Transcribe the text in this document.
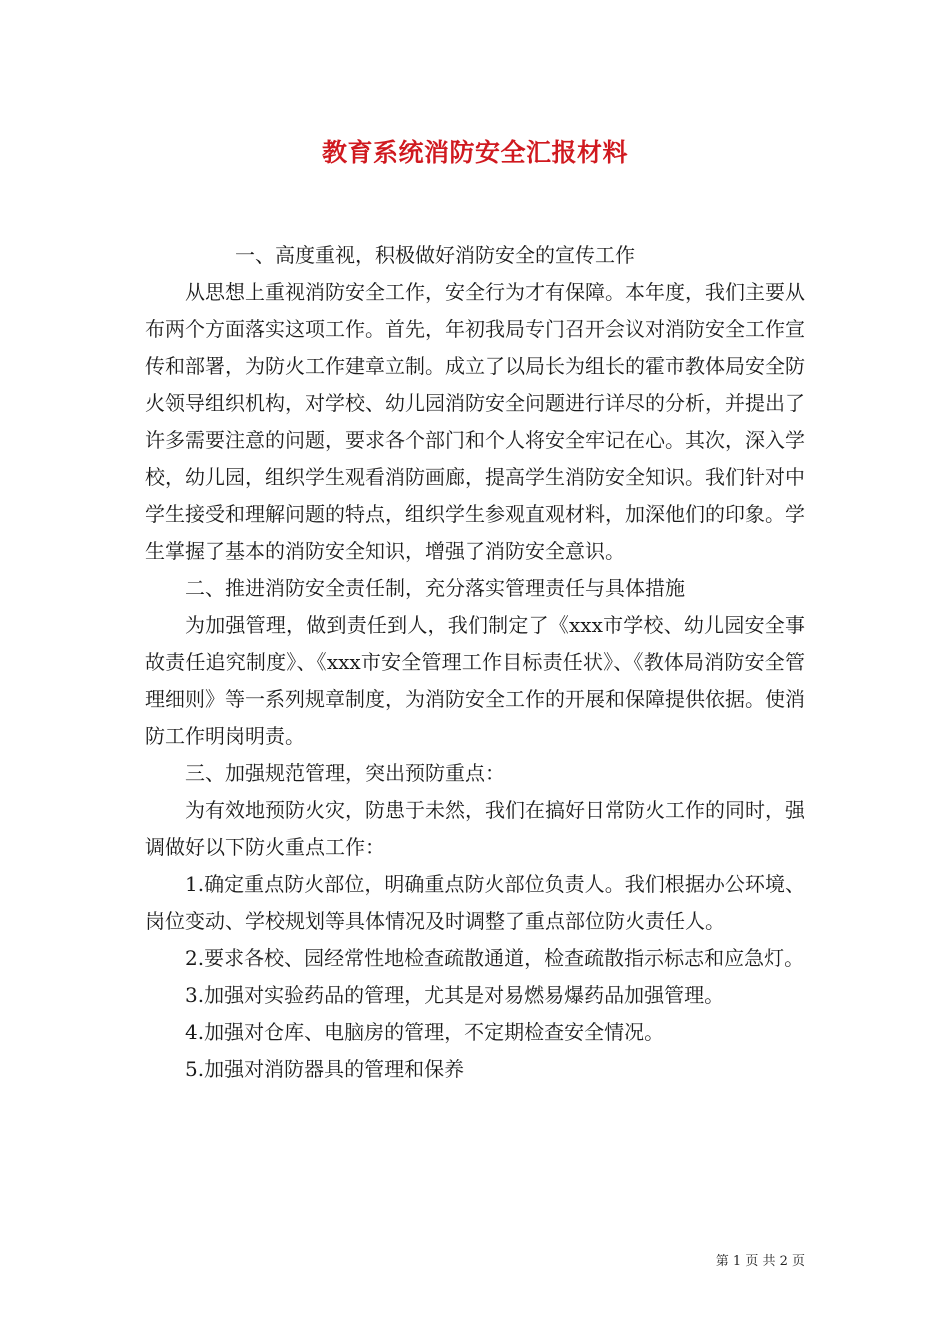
教育系统消防安全汇报材料

一、高度重视，积极做好消防安全的宣传工作

从思想上重视消防安全工作，安全行为才有保障。本年度，我们主要从布两个方面落实这项工作。首先，年初我局专门召开会议对消防安全工作宣传和部署，为防火工作建章立制。成立了以局长为组长的霍市教体局安全防火领导组织机构，对学校、幼儿园消防安全问题进行详尽的分析，并提出了许多需要注意的问题，要求各个部门和个人将安全牢记在心。其次，深入学校，幼儿园，组织学生观看消防画廊，提高学生消防安全知识。我们针对中学生接受和理解问题的特点，组织学生参观直观材料，加深他们的印象。学生掌握了基本的消防安全知识，增强了消防安全意识。

二、推进消防安全责任制，充分落实管理责任与具体措施

为加强管理，做到责任到人，我们制定了《xxx市学校、幼儿园安全事故责任追究制度》、《xxx市安全管理工作目标责任状》、《教体局消防安全管理细则》等一系列规章制度，为消防安全工作的开展和保障提供依据。使消防工作明岗明责。

三、加强规范管理，突出预防重点：

为有效地预防火灾，防患于未然，我们在搞好日常防火工作的同时，强调做好以下防火重点工作：

1.确定重点防火部位，明确重点防火部位负责人。我们根据办公环境、岗位变动、学校规划等具体情况及时调整了重点部位防火责任人。

2.要求各校、园经常性地检查疏散通道，检查疏散指示标志和应急灯。

3.加强对实验药品的管理，尤其是对易燃易爆药品加强管理。

4.加强对仓库、电脑房的管理，不定期检查安全情况。

5.加强对消防器具的管理和保养

第 1 页 共 2 页
